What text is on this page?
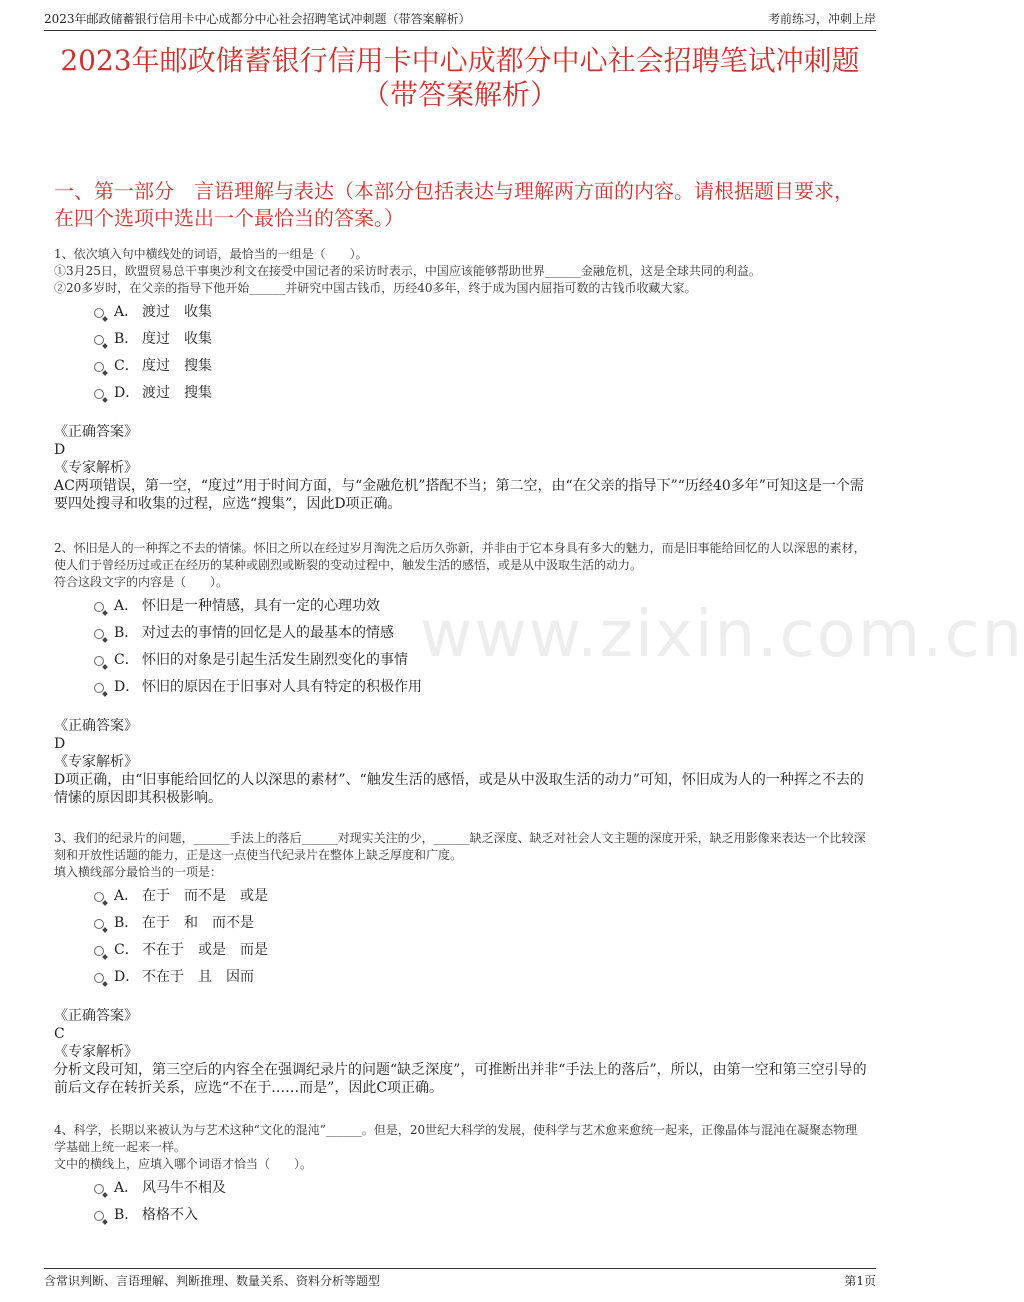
2023年邮政储蓄银行信用卡中心成都分中心社会招聘笔试冲刺题（带答案解析）	考前练习，冲刺上岸
2023年邮政储蓄银行信用卡中心成都分中心社会招聘笔试冲刺题（带答案解析）
一、第一部分　言语理解与表达（本部分包括表达与理解两方面的内容。请根据题目要求，在四个选项中选出一个最恰当的答案。）
www.zixin.com.cn

1、依次填入句中横线处的词语，最恰当的一组是（　　）。

①3月25日，欧盟贸易总干事奥沙利文在接受中国记者的采访时表示，中国应该能够帮助世界______金融危机，这是全球共同的利益。

②20多岁时，在父亲的指导下他开始______并研究中国古钱币，历经40多年，终于成为国内屈指可数的古钱币收藏大家。

A． 渡过　收集
B． 度过　收集
C． 度过　搜集
D． 渡过　搜集
《正确答案》
D
《专家解析》
AC两项错误，第一空，“度过”用于时间方面，与“金融危机”搭配不当；第二空，由“在父亲的指导下”“历经40多年”可知这是一个需要四处搜寻和收集的过程，应选“搜集”，因此D项正确。

2、怀旧是人的一种挥之不去的情愫。怀旧之所以在经过岁月淘洗之后历久弥新，并非由于它本身具有多大的魅力，而是旧事能给回忆的人以深思的素材，使人们于曾经历过或正在经历的某种或剧烈或断裂的变动过程中，触发生活的感悟，或是从中汲取生活的动力。

符合这段文字的内容是（　　）。

A． 怀旧是一种情感，具有一定的心理功效
B． 对过去的事情的回忆是人的最基本的情感
C． 怀旧的对象是引起生活发生剧烈变化的事情
D． 怀旧的原因在于旧事对人具有特定的积极作用
《正确答案》
D
《专家解析》
D项正确，由“旧事能给回忆的人以深思的素材”、“触发生活的感悟，或是从中汲取生活的动力”可知，怀旧成为人的一种挥之不去的情愫的原因即其积极影响。

3、我们的纪录片的问题，______手法上的落后______对现实关注的少，______缺乏深度、缺乏对社会人文主题的深度开采，缺乏用影像来表达一个比较深刻和开放性话题的能力，正是这一点使当代纪录片在整体上缺乏厚度和广度。

填入横线部分最恰当的一项是：

A． 在于　而不是　或是
B． 在于　和　而不是
C． 不在于　或是　而是
D． 不在于　且　因而
《正确答案》
C
《专家解析》
分析文段可知，第三空后的内容全在强调纪录片的问题“缺乏深度”，可推断出并非“手法上的落后”，所以，由第一空和第三空引导的前后文存在转折关系，应选“不在于……而是”，因此C项正确。

4、科学，长期以来被认为与艺术这种“文化的混沌”______。但是，20世纪大科学的发展，使科学与艺术愈来愈统一起来，正像晶体与混沌在凝聚态物理学基础上统一起来一样。

文中的横线上，应填入哪个词语才恰当（　　）。

A． 风马牛不相及
B． 格格不入
含常识判断、言语理解、判断推理、数量关系、资料分析等题型	第1页
